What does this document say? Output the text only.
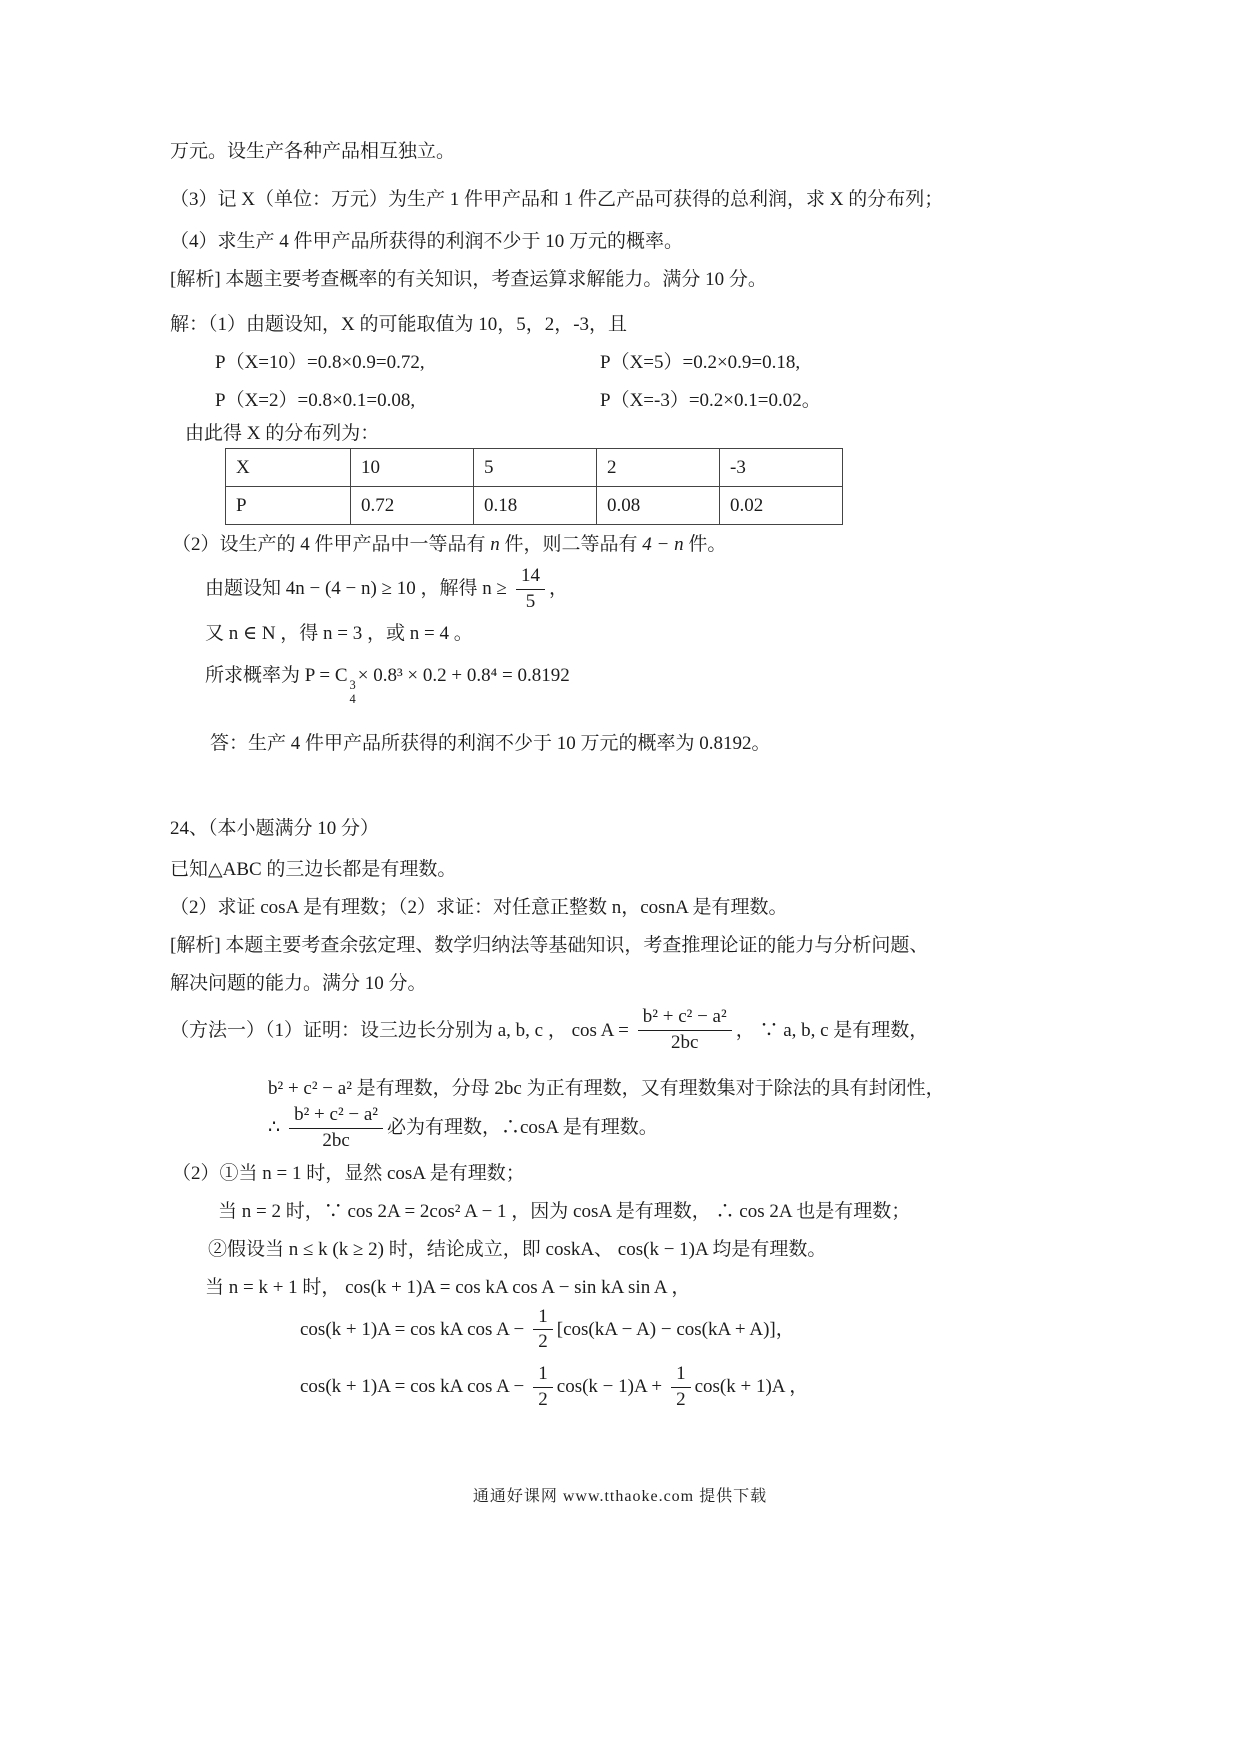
万元。设生产各种产品相互独立。

（3）记 X（单位：万元）为生产 1 件甲产品和 1 件乙产品可获得的总利润，求 X 的分布列；

（4）求生产 4 件甲产品所获得的利润不少于 10 万元的概率。

[解析] 本题主要考查概率的有关知识，考查运算求解能力。满分 10 分。

解：（1）由题设知，X 的可能取值为 10，5，2，-3，且

P（X=10）=0.8×0.9=0.72,	P（X=5）=0.2×0.9=0.18,
P（X=2）=0.8×0.1=0.08,	P（X=-3）=0.2×0.1=0.02。

由此得 X 的分布列为：

X	10	5	2	-3
P	0.72	0.18	0.08	0.02

（2）设生产的 4 件甲产品中一等品有 n 件，则二等品有 4 − n 件。

由题设知 4n − (4 − n) ≥ 10 ，解得 $n \ge \frac{14}{5}$ ，

又 n ∈ N ，得 n = 3 ，或 n = 4 。

所求概率为 P = C 3
4
× 0.8³ × 0.2 + 0.8⁴ = 0.8192

答：生产 4 件甲产品所获得的利润不少于 10 万元的概率为 0.8192。

24、（本小题满分 10 分）

已知△ABC 的三边长都是有理数。

（2）求证 cosA 是有理数；（2）求证：对任意正整数 n，cosnA 是有理数。

[解析] 本题主要考查余弦定理、数学归纳法等基础知识，考查推理论证的能力与分析问题、

解决问题的能力。满分 10 分。

（方法一）（1）证明：设三边长分别为 a, b, c ， $\cos A = \frac{\text{b² + c² − a²}}{2bc}$ ， ∵ a, b, c 是有理数，

b² + c² − a² 是有理数，分母 2bc 为正有理数，又有理数集对于除法的具有封闭性，

∴ $\frac{\text{b² + c² − a²}}{2bc}$ 必为有理数，∴cosA 是有理数。

（2）①当 n = 1 时，显然 cosA 是有理数；

当 n = 2 时，∵ cos 2A = 2cos² A − 1 ，因为 cosA 是有理数， ∴ cos 2A 也是有理数；

②假设当 n ≤ k (k ≥ 2) 时，结论成立，即 coskA、 cos(k − 1)A 均是有理数。

当 n = k + 1 时， cos(k + 1)A = cos kA cos A − sin kA sin A ，

cos(k + 1)A = cos kA $\cos A - \frac{1}{2} [\cos(kA - A) - \cos(kA + A)]$，
cos(k + 1)A = cos kA $\cos A - \frac{1}{2} \cos(k - 1)A + \frac{1}{2} \cos(k + 1)A$ ，
通通好课网 www.tthaoke.com 提供下载
